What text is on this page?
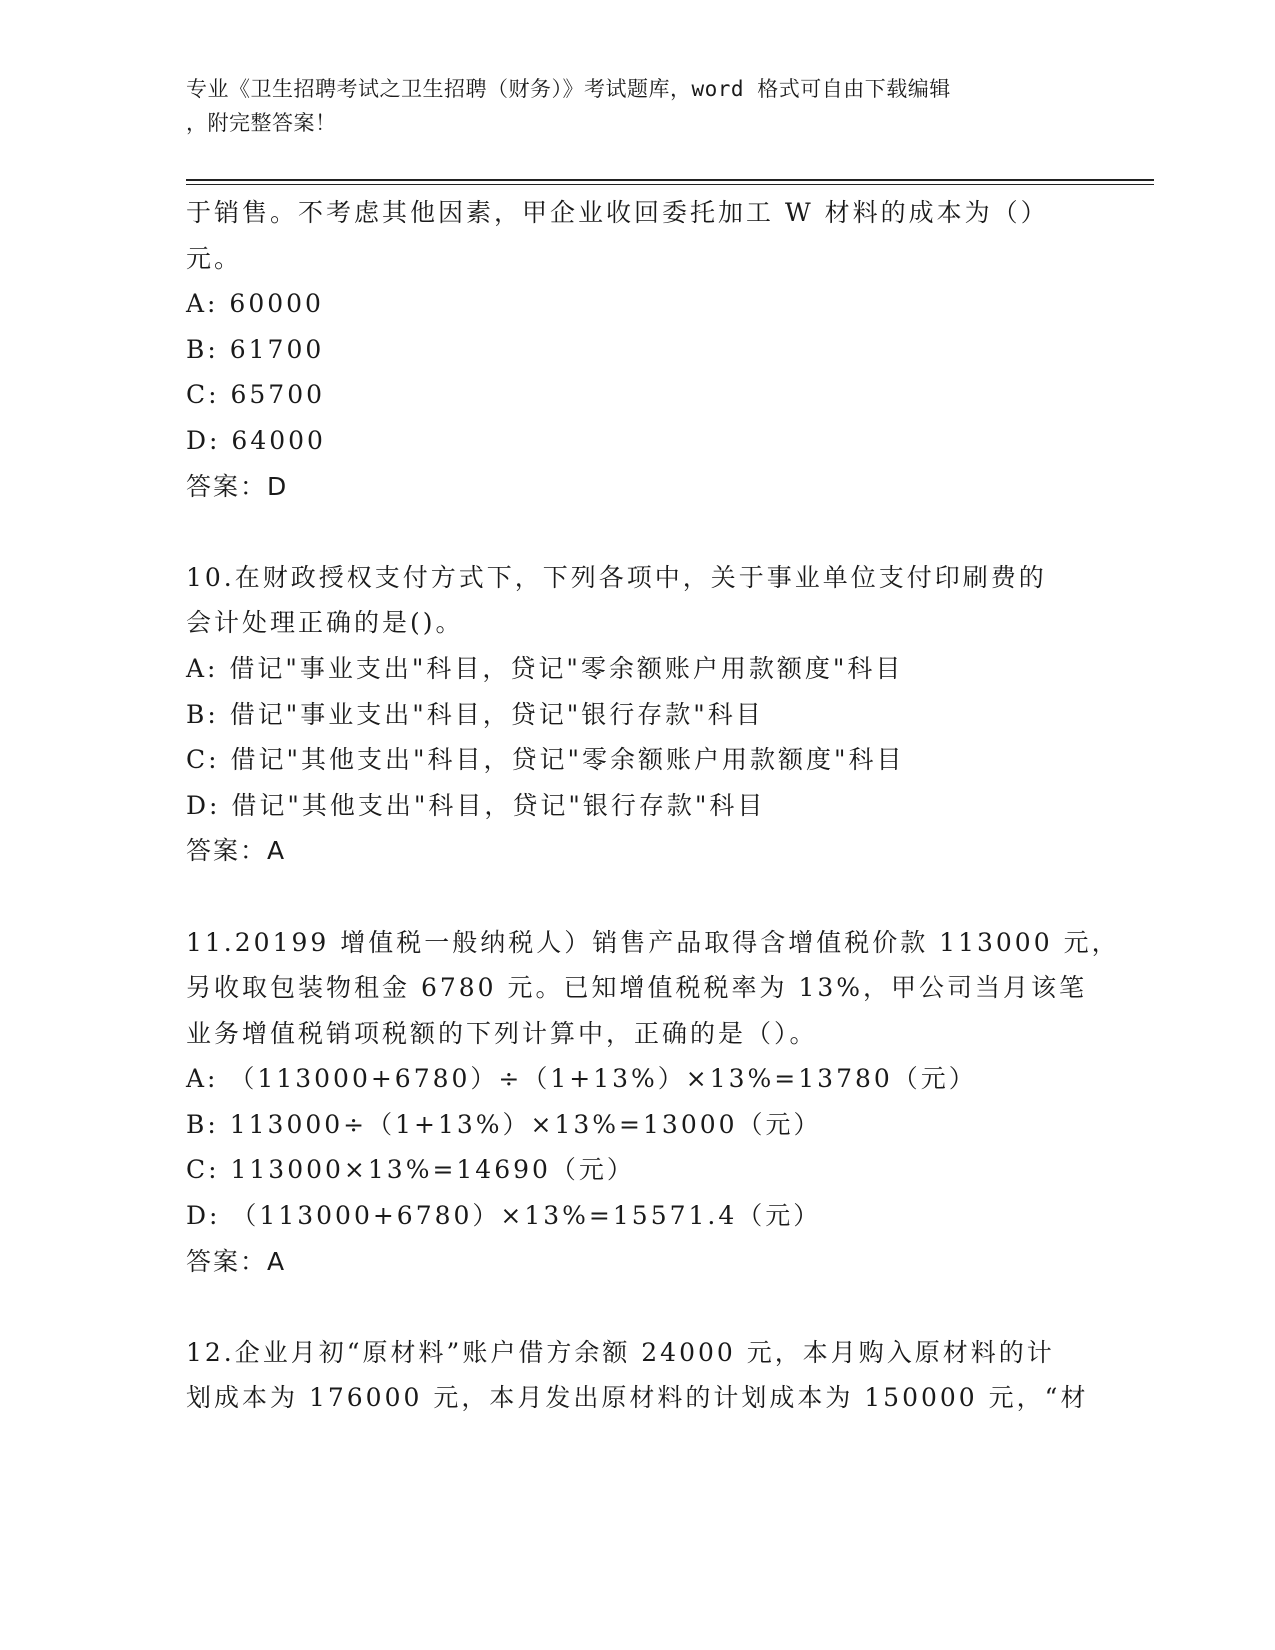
专业《卫生招聘考试之卫生招聘（财务）》考试题库，word 格式可自由下载编辑
，附完整答案！
于销售。不考虑其他因素，甲企业收回委托加工 W 材料的成本为（）
元。
A: 60000
B: 61700
C: 65700
D: 64000
答案：D
10.在财政授权支付方式下，下列各项中，关于事业单位支付印刷费的
会计处理正确的是()。
A: 借记"事业支出"科目，贷记"零余额账户用款额度"科目
B: 借记"事业支出"科目，贷记"银行存款"科目
C: 借记"其他支出"科目，贷记"零余额账户用款额度"科目
D: 借记"其他支出"科目，贷记"银行存款"科目
答案：A
11.20199 增值税一般纳税人）销售产品取得含增值税价款 113000 元，
另收取包装物租金 6780 元。已知增值税税率为 13%，甲公司当月该笔
业务增值税销项税额的下列计算中，正确的是（）。
A: （113000+6780）÷（1+13%）×13%=13780（元）
B: 113000÷（1+13%）×13%=13000（元）
C: 113000×13%=14690（元）
D: （113000+6780）×13%=15571.4（元）
答案：A
12.企业月初“原材料”账户借方余额 24000 元，本月购入原材料的计
划成本为 176000 元，本月发出原材料的计划成本为 150000 元，“材
